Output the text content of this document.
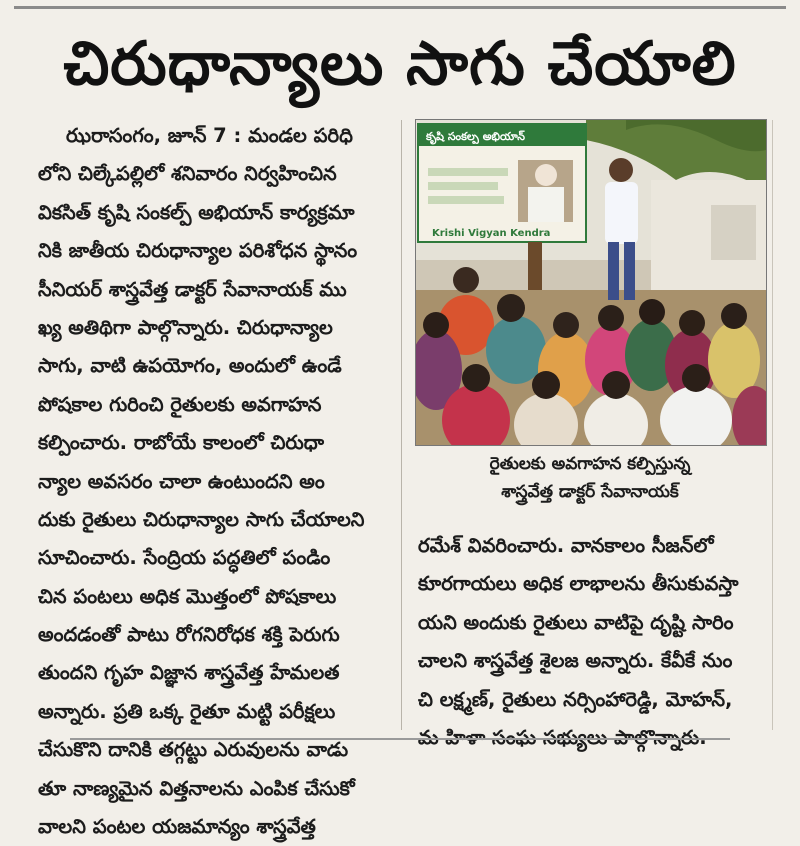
చిరుధాన్యాలు సాగు చేయాలి
ఝరాసంగం, జూన్ 7 : మండల పరిధి
లోని చిల్కేపల్లిలో శనివారం నిర్వహించిన
వికసిత్ కృషి సంకల్ప్ అభియాన్ కార్యక్రమా
నికి జాతీయ చిరుధాన్యాల పరిశోధన స్థానం
సీనియర్ శాస్త్రవేత్త డాక్టర్ సేవానాయక్ ము
ఖ్య అతిథిగా పాల్గొన్నారు. చిరుధాన్యాల
సాగు, వాటి ఉపయోగం, అందులో ఉండే
పోషకాల గురించి రైతులకు అవగాహన
కల్పించారు. రాబోయే కాలంలో చిరుధా
న్యాల అవసరం చాలా ఉంటుందని అం
దుకు రైతులు చిరుధాన్యాల సాగు చేయాలని
సూచించారు. సేంద్రియ పద్ధతిలో పండిం
చిన పంటలు అధిక మొత్తంలో పోషకాలు
అందడంతో పాటు రోగనిరోధక శక్తి పెరుగు
తుందని గృహ విజ్ఞాన శాస్త్రవేత్త హేమలత
అన్నారు. ప్రతి ఒక్క రైతూ మట్టి పరీక్షలు
చేసుకొని దానికి తగ్గట్టు ఎరువులను వాడు
తూ నాణ్యమైన విత్తనాలను ఎంపిక చేసుకో
వాలని పంటల యజమాన్యం శాస్త్రవేత్త
కృషి సంకల్ప అభియాన్
Krishi Vigyan Kendra
రైతులకు అవగాహన కల్పిస్తున్న
శాస్త్రవేత్త డాక్టర్ సేవానాయక్
రమేశ్ వివరించారు. వానకాలం సీజన్‌లో
కూరగాయలు అధిక లాభాలను తీసుకువస్తా
యని అందుకు రైతులు వాటిపై దృష్టి సారిం
చాలని శాస్త్రవేత్త శైలజ అన్నారు. కేవీకే నుం
చి లక్ష్మణ్, రైతులు నర్సింహారెడ్డి, మోహన్,
మ హిళా సంఘ సభ్యులు పాల్గొన్నారు.
